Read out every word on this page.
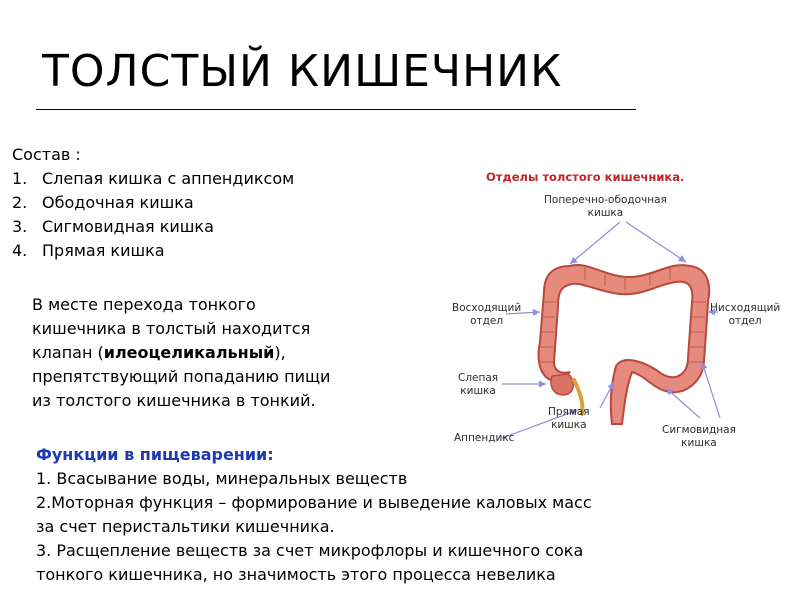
ТОЛСТЫЙ КИШЕЧНИК
Состав :
1. Слепая кишка с аппендиксом
2. Ободочная кишка
3. Сигмовидная кишка
4. Прямая кишка
В месте перехода тонкого
кишечника в толстый находится
клапан (илеоцеликальный),
препятствующий попаданию пищи
из толстого кишечника в тонкий.
Отделы толстого кишечника.
Поперечно-ободочная
кишка
Восходящий
отдел
Нисходящий
отдел
Слепая
кишка
Прямая
кишка
Аппендикс
Сигмовидная
кишка
Функции в пищеварении:
1. Всасывание воды, минеральных веществ
2.Моторная функция – формирование и выведение каловых масс
за счет перистальтики кишечника.
3. Расщепление веществ за счет микрофлоры и кишечного сока
тонкого кишечника, но значимость этого процесса невелика
